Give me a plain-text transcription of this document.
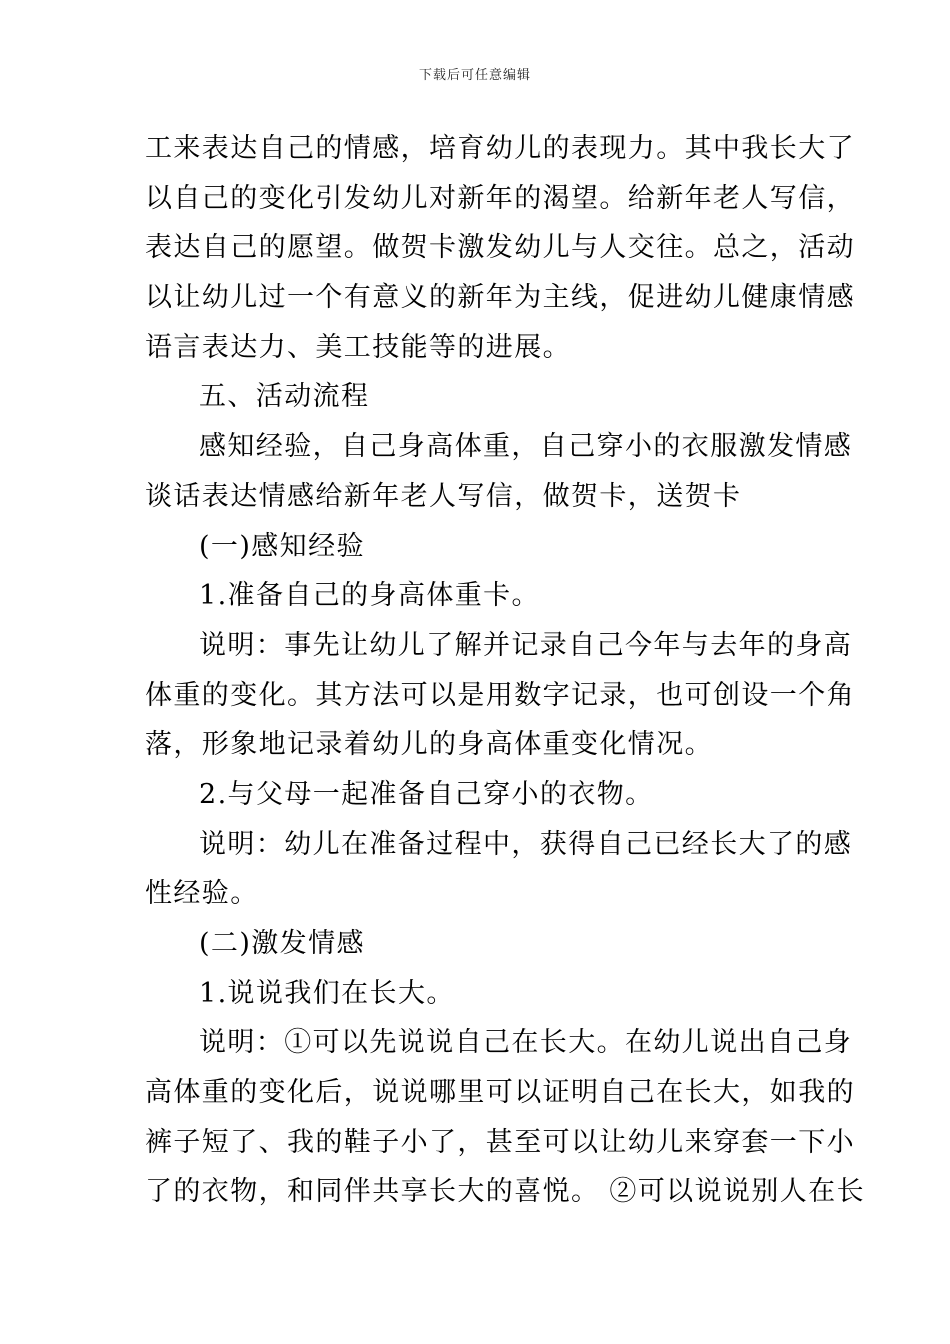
下载后可任意编辑
工来表达自己的情感，培育幼儿的表现力。其中我长大了
以自己的变化引发幼儿对新年的渴望。给新年老人写信，
表达自己的愿望。做贺卡激发幼儿与人交往。总之，活动
以让幼儿过一个有意义的新年为主线，促进幼儿健康情感
语言表达力、美工技能等的进展。
五、活动流程
感知经验，自己身高体重，自己穿小的衣服激发情感
谈话表达情感给新年老人写信，做贺卡，送贺卡
(一)感知经验
1.准备自己的身高体重卡。
说明：事先让幼儿了解并记录自己今年与去年的身高
体重的变化。其方法可以是用数字记录，也可创设一个角
落，形象地记录着幼儿的身高体重变化情况。
2.与父母一起准备自己穿小的衣物。
说明：幼儿在准备过程中，获得自己已经长大了的感
性经验。
(二)激发情感
1.说说我们在长大。
说明：①可以先说说自己在长大。在幼儿说出自己身
高体重的变化后，说说哪里可以证明自己在长大，如我的
裤子短了、我的鞋子小了，甚至可以让幼儿来穿套一下小
了的衣物，和同伴共享长大的喜悦。 ②可以说说别人在长
